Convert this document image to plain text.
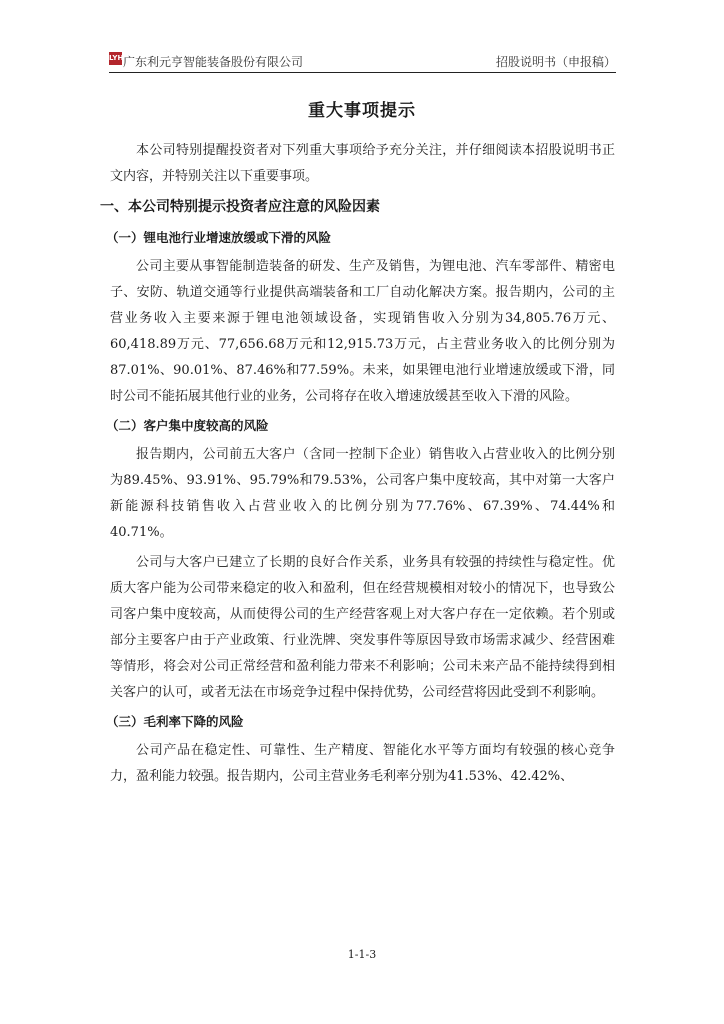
LYH 广东利元亨智能装备股份有限公司	招股说明书（申报稿）
重大事项提示

本公司特别提醒投资者对下列重大事项给予充分关注，并仔细阅读本招股说明书正文内容，并特别关注以下重要事项。

一、本公司特别提示投资者应注意的风险因素
（一）锂电池行业增速放缓或下滑的风险

公司主要从事智能制造装备的研发、生产及销售，为锂电池、汽车零部件、精密电子、安防、轨道交通等行业提供高端装备和工厂自动化解决方案。报告期内，公司的主营业务收入主要来源于锂电池领域设备，实现销售收入分别为34,805.76万元、60,418.89万元、77,656.68万元和12,915.73万元，占主营业务收入的比例分别为87.01%、90.01%、87.46%和77.59%。未来，如果锂电池行业增速放缓或下滑，同时公司不能拓展其他行业的业务，公司将存在收入增速放缓甚至收入下滑的风险。

（二）客户集中度较高的风险

报告期内，公司前五大客户（含同一控制下企业）销售收入占营业收入的比例分别为89.45%、93.91%、95.79%和79.53%，公司客户集中度较高，其中对第一大客户新能源科技销售收入占营业收入的比例分别为77.76%、67.39%、74.44%和40.71%。

公司与大客户已建立了长期的良好合作关系，业务具有较强的持续性与稳定性。优质大客户能为公司带来稳定的收入和盈利，但在经营规模相对较小的情况下，也导致公司客户集中度较高，从而使得公司的生产经营客观上对大客户存在一定依赖。若个别或部分主要客户由于产业政策、行业洗牌、突发事件等原因导致市场需求减少、经营困难等情形，将会对公司正常经营和盈利能力带来不利影响；公司未来产品不能持续得到相关客户的认可，或者无法在市场竞争过程中保持优势，公司经营将因此受到不利影响。

（三）毛利率下降的风险

公司产品在稳定性、可靠性、生产精度、智能化水平等方面均有较强的核心竞争力，盈利能力较强。报告期内，公司主营业务毛利率分别为41.53%、42.42%、

1-1-3
